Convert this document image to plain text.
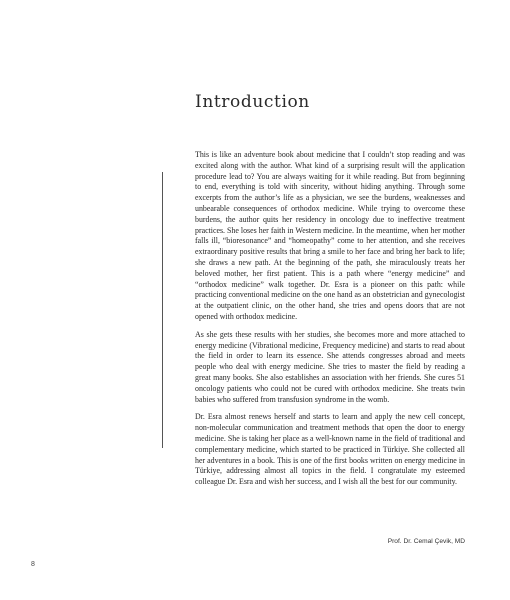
Introduction

This is like an adventure book about medicine that I couldn’t stop reading and was excited along with the author. What kind of a surprising result will the application procedure lead to? You are always waiting for it while reading. But from beginning to end, everything is told with sincerity, without hiding anything. Through some excerpts from the author’s life as a physician, we see the burdens, weaknesses and unbearable consequences of orthodox medicine. While trying to overcome these burdens, the author quits her residency in oncology due to ineffective treatment practices. She loses her faith in Western medicine. In the meantime, when her mother falls ill, “bioresonance” and “homeopathy” come to her attention, and she receives extraordinary positive results that bring a smile to her face and bring her back to life; she draws a new path. At the beginning of the path, she miraculously treats her beloved mother, her first patient. This is a path where “energy medicine” and “orthodox medicine” walk together. Dr. Esra is a pioneer on this path: while practicing conventional medicine on the one hand as an obstetrician and gynecologist at the outpatient clinic, on the other hand, she tries and opens doors that are not opened with orthodox medicine.

As she gets these results with her studies, she becomes more and more attached to energy medicine (Vibrational medicine, Frequency medicine) and starts to read about the field in order to learn its essence. She attends congresses abroad and meets people who deal with energy medicine. She tries to master the field by reading a great many books. She also establishes an association with her friends. She cures 51 oncology patients who could not be cured with orthodox medicine. She treats twin babies who suffered from transfusion syndrome in the womb.

Dr. Esra almost renews herself and starts to learn and apply the new cell concept, non-molecular communication and treatment methods that open the door to energy medicine. She is taking her place as a well-known name in the field of traditional and complementary medicine, which started to be practiced in Türkiye. She collected all her adventures in a book. This is one of the first books written on energy medicine in Türkiye, addressing almost all topics in the field. I congratulate my esteemed colleague Dr. Esra and wish her success, and I wish all the best for our community.

Prof. Dr. Cemal Çevik, MD
8
